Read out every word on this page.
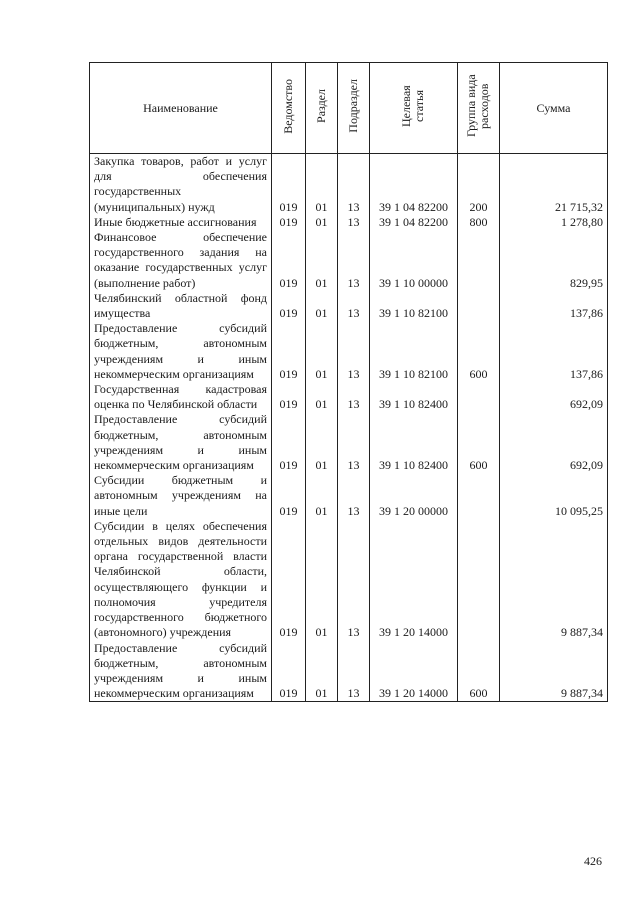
Наименование	Ведомство	Раздел	Подраздел	Целевая статья	Группа вида расходов	Сумма
Закупка товаров, работ и услуг для обеспечения государственных (муниципальных) нужд	019	01	13	39 1 04 82200	200	21 715,32
Иные бюджетные ассигнования	019	01	13	39 1 04 82200	800	1 278,80
Финансовое обеспечение государственного задания на оказание государственных услуг (выполнение работ)	019	01	13	39 1 10 00000		829,95
Челябинский областной фонд имущества	019	01	13	39 1 10 82100		137,86
Предоставление субсидий бюджетным, автономным учреждениям и иным некоммерческим организациям	019	01	13	39 1 10 82100	600	137,86
Государственная кадастровая оценка по Челябинской области	019	01	13	39 1 10 82400		692,09
Предоставление субсидий бюджетным, автономным учреждениям и иным некоммерческим организациям	019	01	13	39 1 10 82400	600	692,09
Субсидии бюджетным и автономным учреждениям на иные цели	019	01	13	39 1 20 00000		10 095,25
Субсидии в целях обеспечения отдельных видов деятельности органа государственной власти Челябинской области, осуществляющего функции и полномочия учредителя государственного бюджетного (автономного) учреждения	019	01	13	39 1 20 14000		9 887,34
Предоставление субсидий бюджетным, автономным учреждениям и иным некоммерческим организациям	019	01	13	39 1 20 14000	600	9 887,34
426
